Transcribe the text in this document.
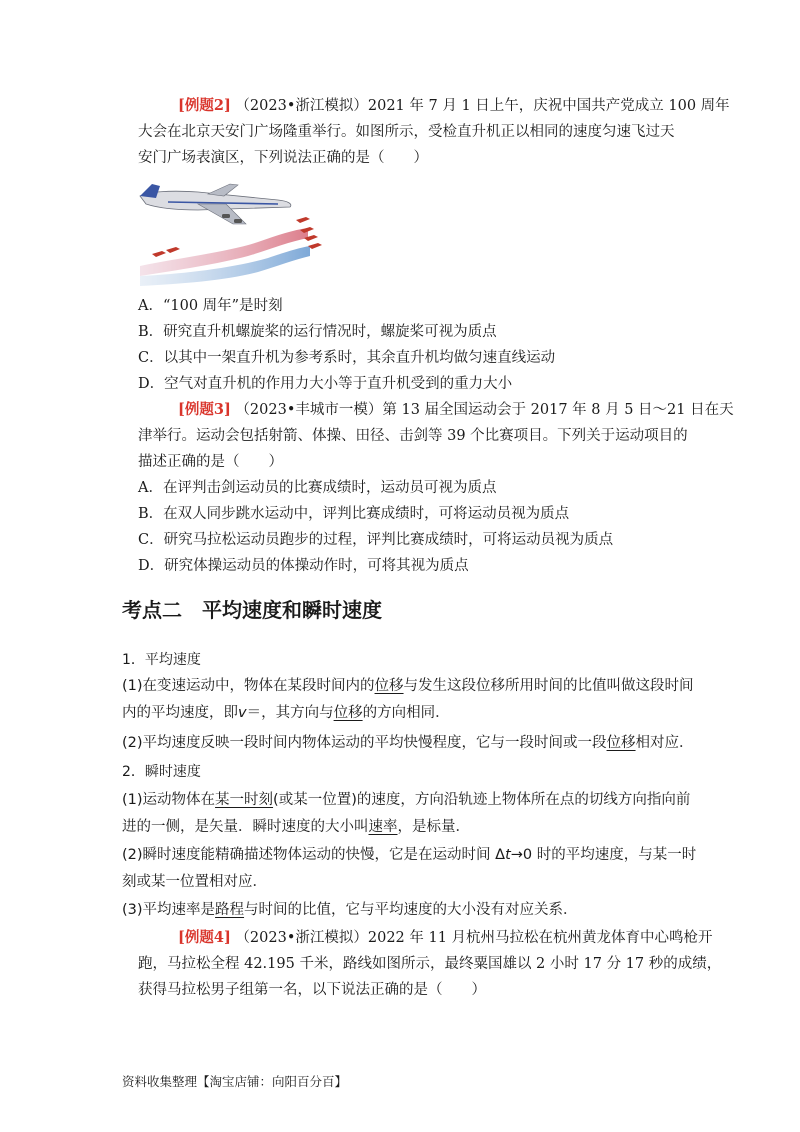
[例题2] （2023•浙江模拟）2021 年 7 月 1 日上午，庆祝中国共产党成立 100 周年
大会在北京天安门广场隆重举行。如图所示，受检直升机正以相同的速度匀速飞过天
安门广场表演区，下列说法正确的是（　　）
A．“100 周年”是时刻
B．研究直升机螺旋桨的运行情况时，螺旋桨可视为质点
C．以其中一架直升机为参考系时，其余直升机均做匀速直线运动
D．空气对直升机的作用力大小等于直升机受到的重力大小
[例题3] （2023•丰城市一模）第 13 届全国运动会于 2017 年 8 月 5 日～21 日在天
津举行。运动会包括射箭、体操、田径、击剑等 39 个比赛项目。下列关于运动项目的
描述正确的是（　　）
A．在评判击剑运动员的比赛成绩时，运动员可视为质点
B．在双人同步跳水运动中，评判比赛成绩时，可将运动员视为质点
C．研究马拉松运动员跑步的过程，评判比赛成绩时，可将运动员视为质点
D．研究体操运动员的体操动作时，可将其视为质点
考点二　平均速度和瞬时速度
1．平均速度
(1)在变速运动中，物体在某段时间内的位移与发生这段位移所用时间的比值叫做这段时间
内的平均速度，即v＝，其方向与位移的方向相同．
(2)平均速度反映一段时间内物体运动的平均快慢程度，它与一段时间或一段位移相对应．
2．瞬时速度
(1)运动物体在某一时刻(或某一位置)的速度，方向沿轨迹上物体所在点的切线方向指向前
进的一侧，是矢量．瞬时速度的大小叫速率，是标量．
(2)瞬时速度能精确描述物体运动的快慢，它是在运动时间 Δt→0 时的平均速度，与某一时
刻或某一位置相对应．
(3)平均速率是路程与时间的比值，它与平均速度的大小没有对应关系．
[例题4] （2023•浙江模拟）2022 年 11 月杭州马拉松在杭州黄龙体育中心鸣枪开
跑，马拉松全程 42.195 千米，路线如图所示，最终粟国雄以 2 小时 17 分 17 秒的成绩，
获得马拉松男子组第一名，以下说法正确的是（　　）
资料收集整理【淘宝店铺：向阳百分百】
